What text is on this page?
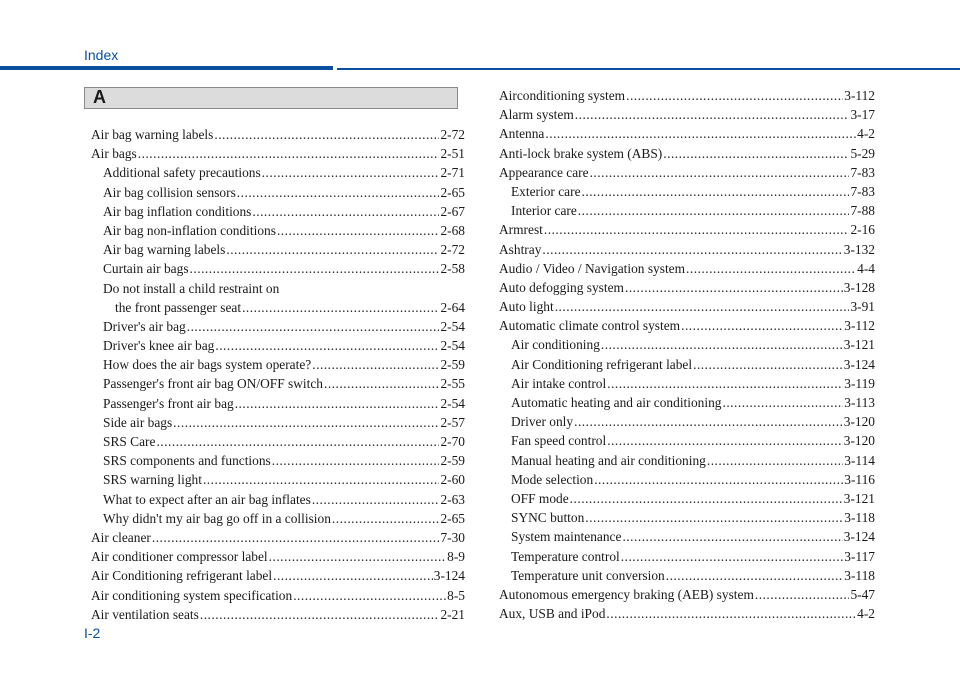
Index
A
Air bag warning labels .....	2-72
Air bags .....	2-51
Additional safety precautions .....	2-71
Air bag collision sensors .....	2-65
Air bag inflation conditions .....	2-67
Air bag non-inflation conditions .....	2-68
Air bag warning labels .....	2-72
Curtain air bags .....	2-58
Do not install a child restraint on
the front passenger seat .....	2-64
Driver's air bag .....	2-54
Driver's knee air bag .....	2-54
How does the air bags system operate? .....	2-59
Passenger's front air bag ON/OFF switch .....	2-55
Passenger's front air bag .....	2-54
Side air bags .....	2-57
SRS Care .....	2-70
SRS components and functions .....	2-59
SRS warning light .....	2-60
What to expect after an air bag inflates .....	2-63
Why didn't my air bag go off in a collision .....	2-65
Air cleaner .....	7-30
Air conditioner compressor label .....	8-9
Air Conditioning refrigerant label .....	3-124
Air conditioning system specification .....	8-5
Air ventilation seats .....	2-21
Airconditioning system .....	3-112
Alarm system .....	3-17
Antenna .....	4-2
Anti-lock brake system (ABS) .....	5-29
Appearance care .....	7-83
Exterior care .....	7-83
Interior care .....	7-88
Armrest .....	2-16
Ashtray .....	3-132
Audio / Video / Navigation system .....	4-4
Auto defogging system .....	3-128
Auto light .....	3-91
Automatic climate control system .....	3-112
Air conditioning .....	3-121
Air Conditioning refrigerant label .....	3-124
Air intake control .....	3-119
Automatic heating and air conditioning .....	3-113
Driver only .....	3-120
Fan speed control .....	3-120
Manual heating and air conditioning .....	3-114
Mode selection .....	3-116
OFF mode .....	3-121
SYNC button .....	3-118
System maintenance .....	3-124
Temperature control .....	3-117
Temperature unit conversion .....	3-118
Autonomous emergency braking (AEB) system .....	5-47
Aux, USB and iPod .....	4-2
I-2
